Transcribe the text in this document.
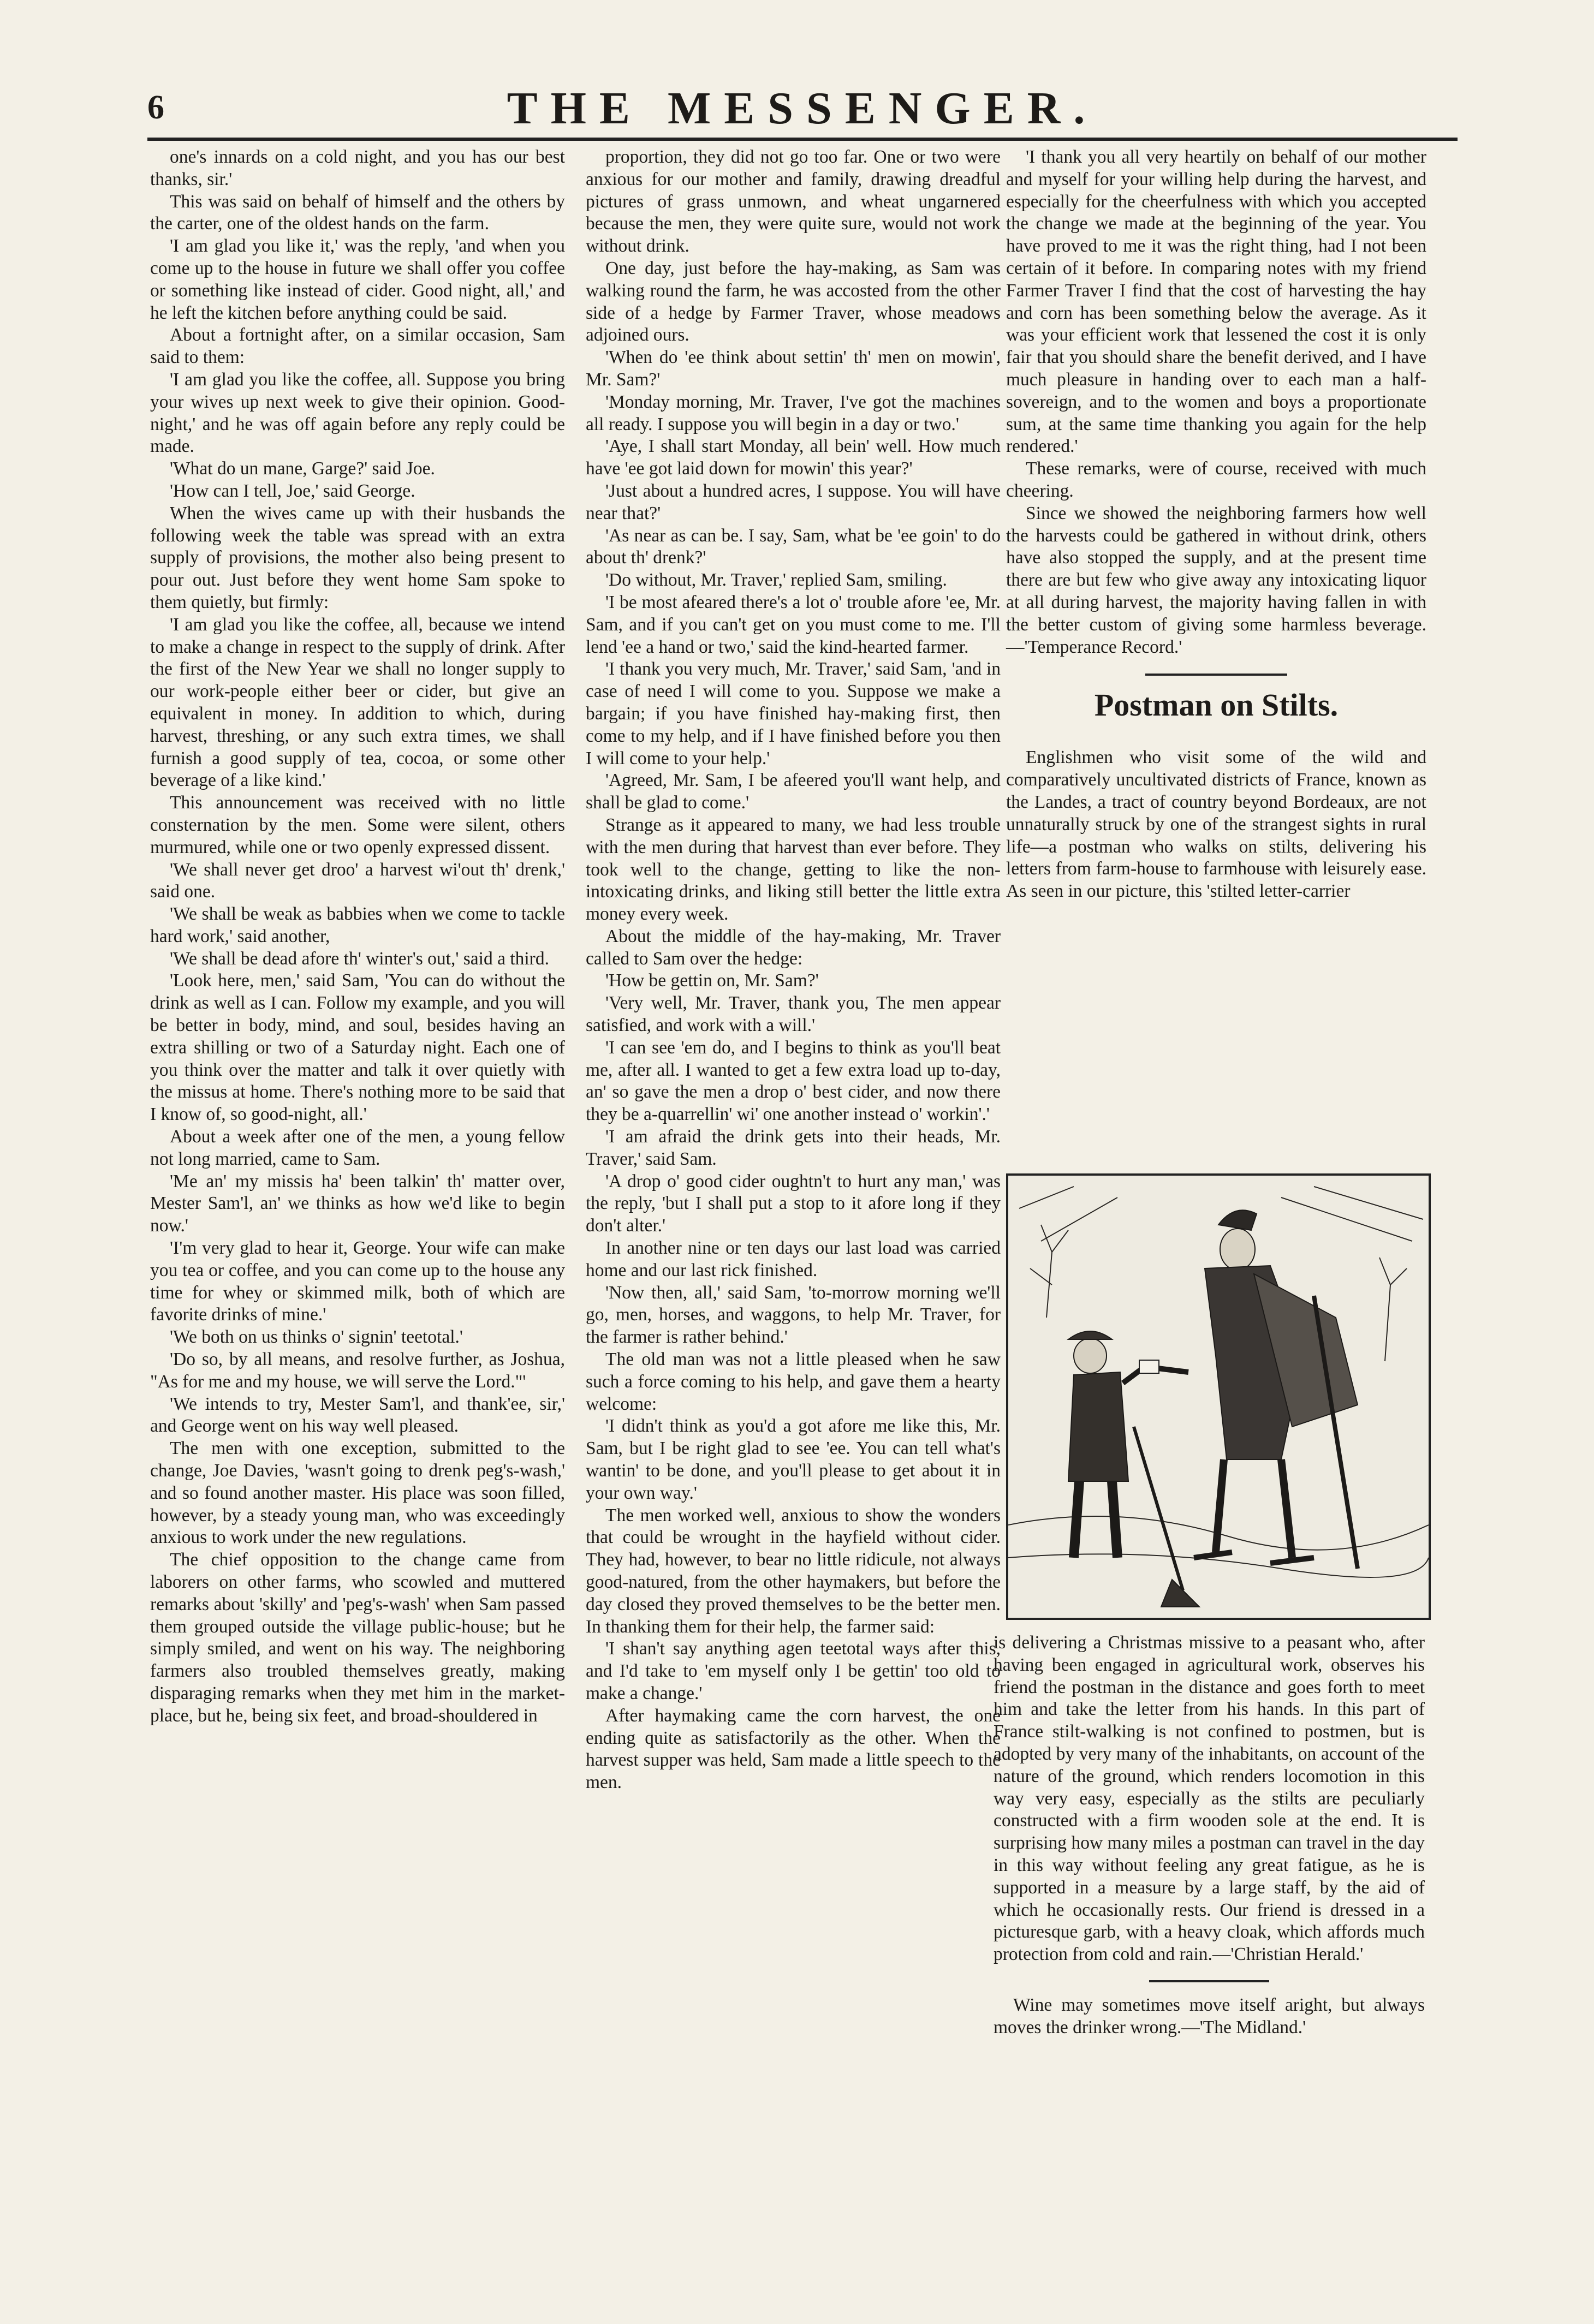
6	THE MESSENGER.

one's innards on a cold night, and you has our best thanks, sir.'

This was said on behalf of himself and the others by the carter, one of the oldest hands on the farm.

'I am glad you like it,' was the reply, 'and when you come up to the house in future we shall offer you coffee or something like instead of cider. Good night, all,' and he left the kitchen before anything could be said.

About a fortnight after, on a similar occasion, Sam said to them:

'I am glad you like the coffee, all. Suppose you bring your wives up next week to give their opinion. Good-night,' and he was off again before any reply could be made.

'What do un mane, Garge?' said Joe.

'How can I tell, Joe,' said George.

When the wives came up with their husbands the following week the table was spread with an extra supply of provisions, the mother also being present to pour out. Just before they went home Sam spoke to them quietly, but firmly:

'I am glad you like the coffee, all, because we intend to make a change in respect to the supply of drink. After the first of the New Year we shall no longer supply to our work-people either beer or cider, but give an equivalent in money. In addition to which, during harvest, threshing, or any such extra times, we shall furnish a good supply of tea, cocoa, or some other beverage of a like kind.'

This announcement was received with no little consternation by the men. Some were silent, others murmured, while one or two openly expressed dissent.

'We shall never get droo' a harvest wi'out th' drenk,' said one.

'We shall be weak as babbies when we come to tackle hard work,' said another,

'We shall be dead afore th' winter's out,' said a third.

'Look here, men,' said Sam, 'You can do without the drink as well as I can. Follow my example, and you will be better in body, mind, and soul, besides having an extra shilling or two of a Saturday night. Each one of you think over the matter and talk it over quietly with the missus at home. There's nothing more to be said that I know of, so good-night, all.'

About a week after one of the men, a young fellow not long married, came to Sam.

'Me an' my missis ha' been talkin' th' matter over, Mester Sam'l, an' we thinks as how we'd like to begin now.'

'I'm very glad to hear it, George. Your wife can make you tea or coffee, and you can come up to the house any time for whey or skimmed milk, both of which are favorite drinks of mine.'

'We both on us thinks o' signin' teetotal.'

'Do so, by all means, and resolve further, as Joshua, "As for me and my house, we will serve the Lord."'

'We intends to try, Mester Sam'l, and thank'ee, sir,' and George went on his way well pleased.

The men with one exception, submitted to the change, Joe Davies, 'wasn't going to drenk peg's-wash,' and so found another master. His place was soon filled, however, by a steady young man, who was exceedingly anxious to work under the new regulations.

The chief opposition to the change came from laborers on other farms, who scowled and muttered remarks about 'skilly' and 'peg's-wash' when Sam passed them grouped outside the village public-house; but he simply smiled, and went on his way. The neighboring farmers also troubled themselves greatly, making disparaging remarks when they met him in the market-place, but he, being six feet, and broad-shouldered in

proportion, they did not go too far. One or two were anxious for our mother and family, drawing dreadful pictures of grass unmown, and wheat ungarnered because the men, they were quite sure, would not work without drink.

One day, just before the hay-making, as Sam was walking round the farm, he was accosted from the other side of a hedge by Farmer Traver, whose meadows adjoined ours.

'When do 'ee think about settin' th' men on mowin', Mr. Sam?'

'Monday morning, Mr. Traver, I've got the machines all ready. I suppose you will begin in a day or two.'

'Aye, I shall start Monday, all bein' well. How much have 'ee got laid down for mowin' this year?'

'Just about a hundred acres, I suppose. You will have near that?'

'As near as can be. I say, Sam, what be 'ee goin' to do about th' drenk?'

'Do without, Mr. Traver,' replied Sam, smiling.

'I be most afeared there's a lot o' trouble afore 'ee, Mr. Sam, and if you can't get on you must come to me. I'll lend 'ee a hand or two,' said the kind-hearted farmer.

'I thank you very much, Mr. Traver,' said Sam, 'and in case of need I will come to you. Suppose we make a bargain; if you have finished hay-making first, then come to my help, and if I have finished before you then I will come to your help.'

'Agreed, Mr. Sam, I be afeered you'll want help, and shall be glad to come.'

Strange as it appeared to many, we had less trouble with the men during that harvest than ever before. They took well to the change, getting to like the non-intoxicating drinks, and liking still better the little extra money every week.

About the middle of the hay-making, Mr. Traver called to Sam over the hedge:

'How be gettin on, Mr. Sam?'

'Very well, Mr. Traver, thank you, The men appear satisfied, and work with a will.'

'I can see 'em do, and I begins to think as you'll beat me, after all. I wanted to get a few extra load up to-day, an' so gave the men a drop o' best cider, and now there they be a-quarrellin' wi' one another instead o' workin'.'

'I am afraid the drink gets into their heads, Mr. Traver,' said Sam.

'A drop o' good cider oughtn't to hurt any man,' was the reply, 'but I shall put a stop to it afore long if they don't alter.'

In another nine or ten days our last load was carried home and our last rick finished.

'Now then, all,' said Sam, 'to-morrow morning we'll go, men, horses, and waggons, to help Mr. Traver, for the farmer is rather behind.'

The old man was not a little pleased when he saw such a force coming to his help, and gave them a hearty welcome:

'I didn't think as you'd a got afore me like this, Mr. Sam, but I be right glad to see 'ee. You can tell what's wantin' to be done, and you'll please to get about it in your own way.'

The men worked well, anxious to show the wonders that could be wrought in the hayfield without cider. They had, however, to bear no little ridicule, not always good-natured, from the other haymakers, but before the day closed they proved themselves to be the better men. In thanking them for their help, the farmer said:

'I shan't say anything agen teetotal ways after this, and I'd take to 'em myself only I be gettin' too old to make a change.'

After haymaking came the corn harvest, the one ending quite as satisfactorily as the other. When the harvest supper was held, Sam made a little speech to the men.

'I thank you all very heartily on behalf of our mother and myself for your willing help during the harvest, and especially for the cheerfulness with which you accepted the change we made at the beginning of the year. You have proved to me it was the right thing, had I not been certain of it before. In comparing notes with my friend Farmer Traver I find that the cost of harvesting the hay and corn has been something below the average. As it was your efficient work that lessened the cost it is only fair that you should share the benefit derived, and I have much pleasure in handing over to each man a half-sovereign, and to the women and boys a proportionate sum, at the same time thanking you again for the help rendered.'

These remarks, were of course, received with much cheering.

Since we showed the neighboring farmers how well the harvests could be gathered in without drink, others have also stopped the supply, and at the present time there are but few who give away any intoxicating liquor at all during harvest, the majority having fallen in with the better custom of giving some harmless beverage.—'Temperance Record.'

Postman on Stilts.

Englishmen who visit some of the wild and comparatively uncultivated districts of France, known as the Landes, a tract of country beyond Bordeaux, are not unnaturally struck by one of the strangest sights in rural life—a postman who walks on stilts, delivering his letters from farm-house to farmhouse with leisurely ease. As seen in our picture, this 'stilted letter-carrier

is delivering a Christmas missive to a peasant who, after having been engaged in agricultural work, observes his friend the postman in the distance and goes forth to meet him and take the letter from his hands. In this part of France stilt-walking is not confined to postmen, but is adopted by very many of the inhabitants, on account of the nature of the ground, which renders locomotion in this way very easy, especially as the stilts are peculiarly constructed with a firm wooden sole at the end. It is surprising how many miles a postman can travel in the day in this way without feeling any great fatigue, as he is supported in a measure by a large staff, by the aid of which he occasionally rests. Our friend is dressed in a picturesque garb, with a heavy cloak, which affords much protection from cold and rain.—'Christian Herald.'

Wine may sometimes move itself aright, but always moves the drinker wrong.—'The Midland.'
